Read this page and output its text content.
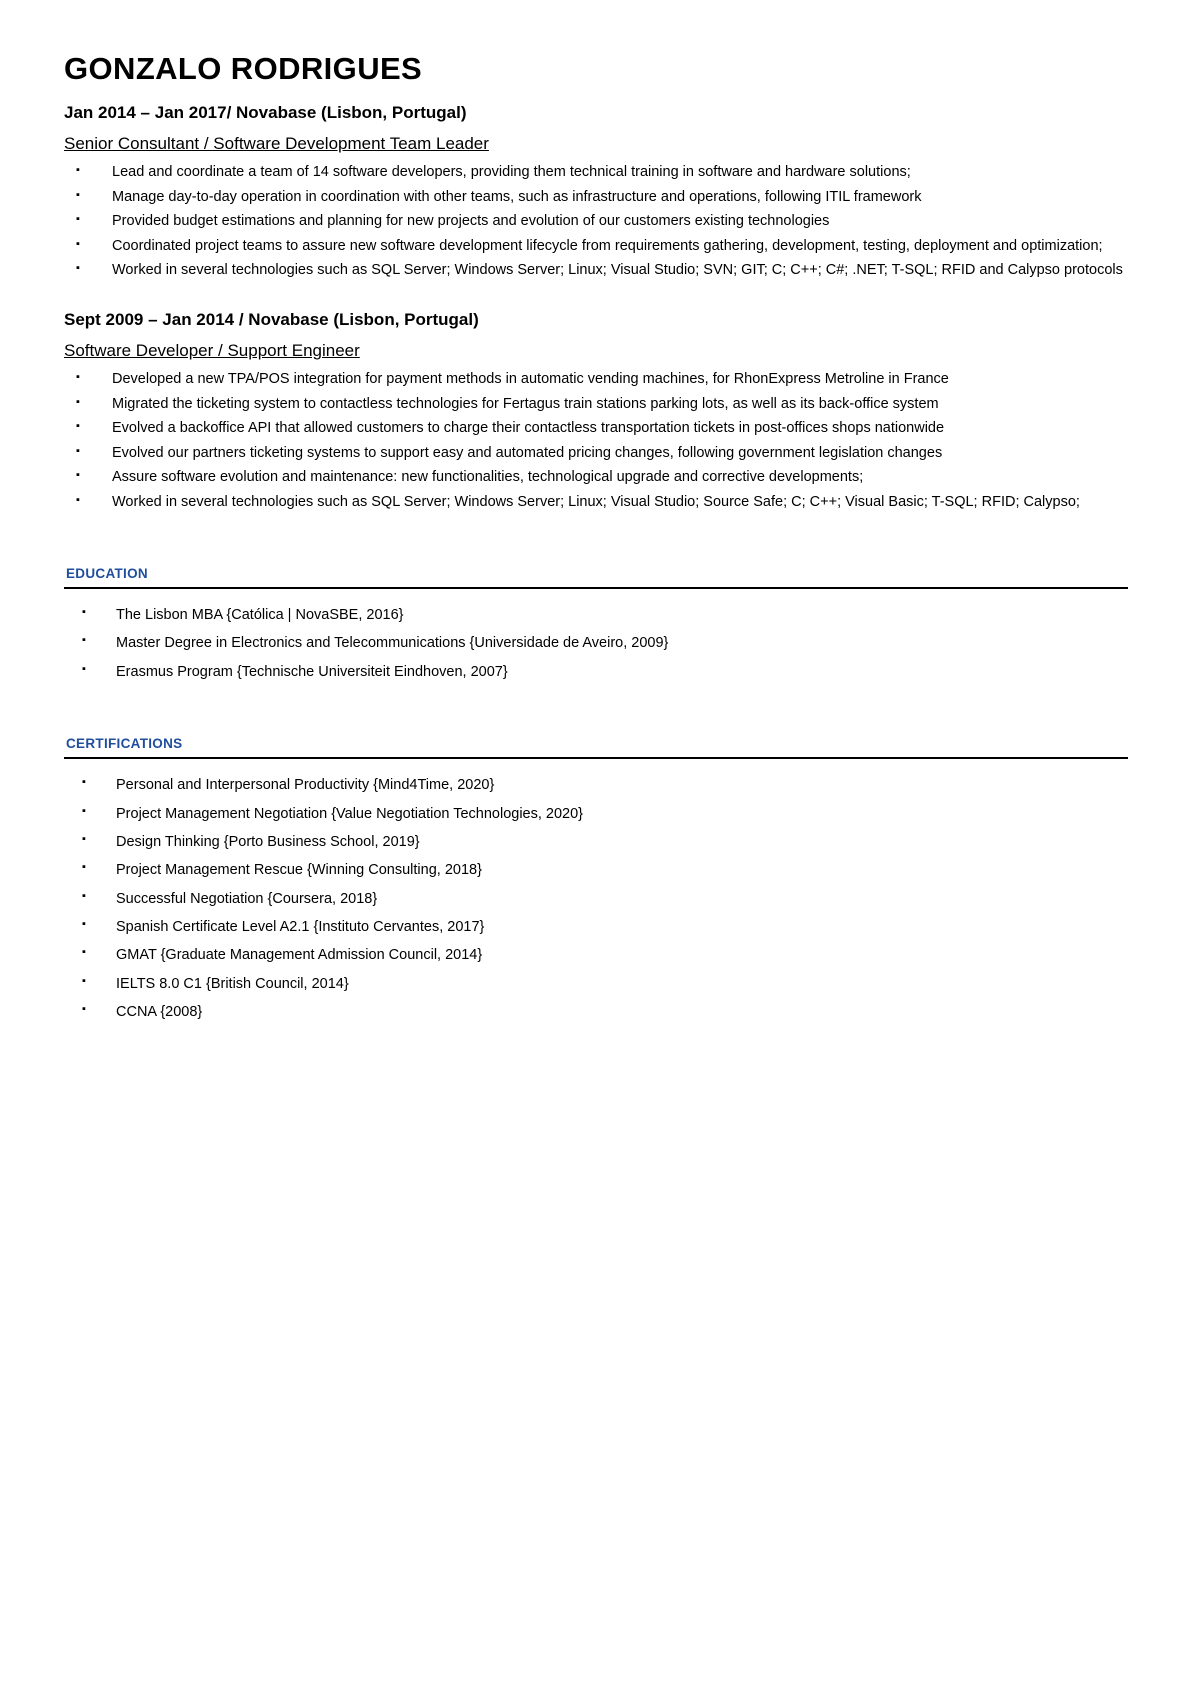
GONZALO RODRIGUES
Jan 2014 – Jan 2017/ Novabase (Lisbon, Portugal)
Senior Consultant / Software Development Team Leader
▪ Lead and coordinate a team of 14 software developers, providing them technical training in software and hardware solutions;
▪ Manage day-to-day operation in coordination with other teams, such as infrastructure and operations, following ITIL framework
▪ Provided budget estimations and planning for new projects and evolution of our customers existing technologies
▪ Coordinated project teams to assure new software development lifecycle from requirements gathering, development, testing, deployment and optimization;
▪ Worked in several technologies such as SQL Server; Windows Server; Linux; Visual Studio; SVN; GIT; C; C++; C#; .NET; T-SQL; RFID and Calypso protocols
Sept 2009 – Jan 2014 / Novabase (Lisbon, Portugal)
Software Developer / Support Engineer
▪ Developed a new TPA/POS integration for payment methods in automatic vending machines, for RhonExpress Metroline in France
▪ Migrated the ticketing system to contactless technologies for Fertagus train stations parking lots, as well as its back-office system
▪ Evolved a backoffice API that allowed customers to charge their contactless transportation tickets in post-offices shops nationwide
▪ Evolved our partners ticketing systems to support easy and automated pricing changes, following government legislation changes
▪ Assure software evolution and maintenance: new functionalities, technological upgrade and corrective developments;
▪ Worked in several technologies such as SQL Server; Windows Server; Linux; Visual Studio; Source Safe; C; C++; Visual Basic; T-SQL; RFID; Calypso;
EDUCATION
▪ The Lisbon MBA {Católica | NovaSBE, 2016}
▪ Master Degree in Electronics and Telecommunications {Universidade de Aveiro, 2009}
▪ Erasmus Program {Technische Universiteit Eindhoven, 2007}
CERTIFICATIONS
▪ Personal and Interpersonal Productivity {Mind4Time, 2020}
▪ Project Management Negotiation {Value Negotiation Technologies, 2020}
▪ Design Thinking {Porto Business School, 2019}
▪ Project Management Rescue {Winning Consulting, 2018}
▪ Successful Negotiation {Coursera, 2018}
▪ Spanish Certificate Level A2.1 {Instituto Cervantes, 2017}
▪ GMAT {Graduate Management Admission Council, 2014}
▪ IELTS 8.0 C1 {British Council, 2014}
▪ CCNA {2008}
